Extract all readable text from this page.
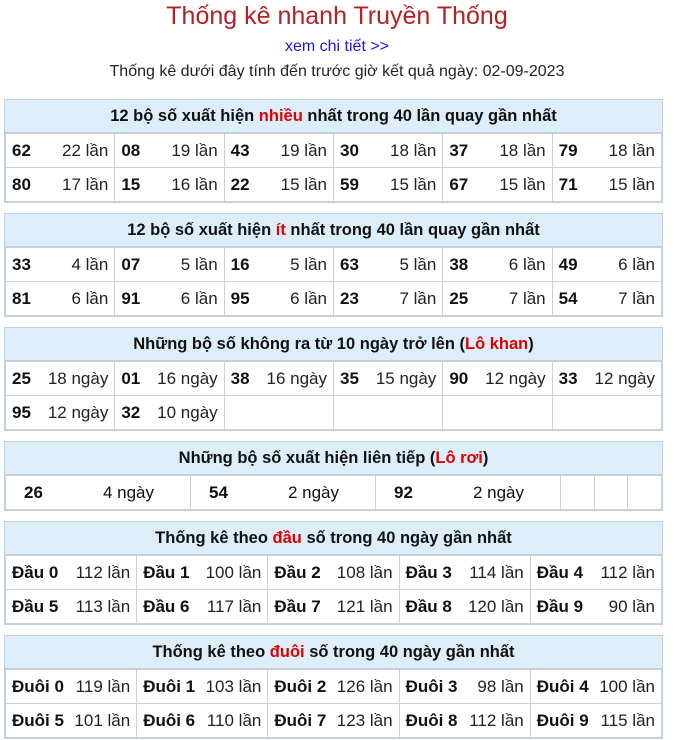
Thống kê nhanh Truyền Thống
xem chi tiết >>
Thống kê dưới đây tính đến trước giờ kết quả ngày: 02-09-2023
12 bộ số xuất hiện nhiều nhất trong 40 lần quay gần nhất
62 22 lần	08 19 lần	43 19 lần	30 18 lần	37 18 lần	79 18 lần

80 17 lần	15 16 lần	22 15 lần	59 15 lần	67 15 lần	71 15 lần
12 bộ số xuất hiện ít nhất trong 40 lần quay gần nhất
33 4 lần	07 5 lần	16 5 lần	63 5 lần	38 6 lần	49 6 lần

81 6 lần	91 6 lần	95 6 lần	23 7 lần	25 7 lần	54 7 lần
Những bộ số không ra từ 10 ngày trở lên (Lô khan)
25 18 ngày	01 16 ngày	38 16 ngày	35 15 ngày	90 12 ngày	33 12 ngày

95 12 ngày	32 10 ngày				

Những bộ số xuất hiện liên tiếp (Lô rơi)
26	4 ngày	54	2 ngày	92	2 ngày

Thống kê theo đầu số trong 40 ngày gần nhất
Đầu 0 112 lần	Đầu 1 100 lần	Đầu 2 108 lần	Đầu 3 114 lần	Đầu 4 112 lần

Đầu 5 113 lần	Đầu 6 117 lần	Đầu 7 121 lần	Đầu 8 120 lần	Đầu 9 90 lần
Thống kê theo đuôi số trong 40 ngày gần nhất
Đuôi 0 119 lần	Đuôi 1 103 lần	Đuôi 2 126 lần	Đuôi 3 98 lần	Đuôi 4 100 lần

Đuôi 5 101 lần	Đuôi 6 110 lần	Đuôi 7 123 lần	Đuôi 8 112 lần	Đuôi 9 115 lần
